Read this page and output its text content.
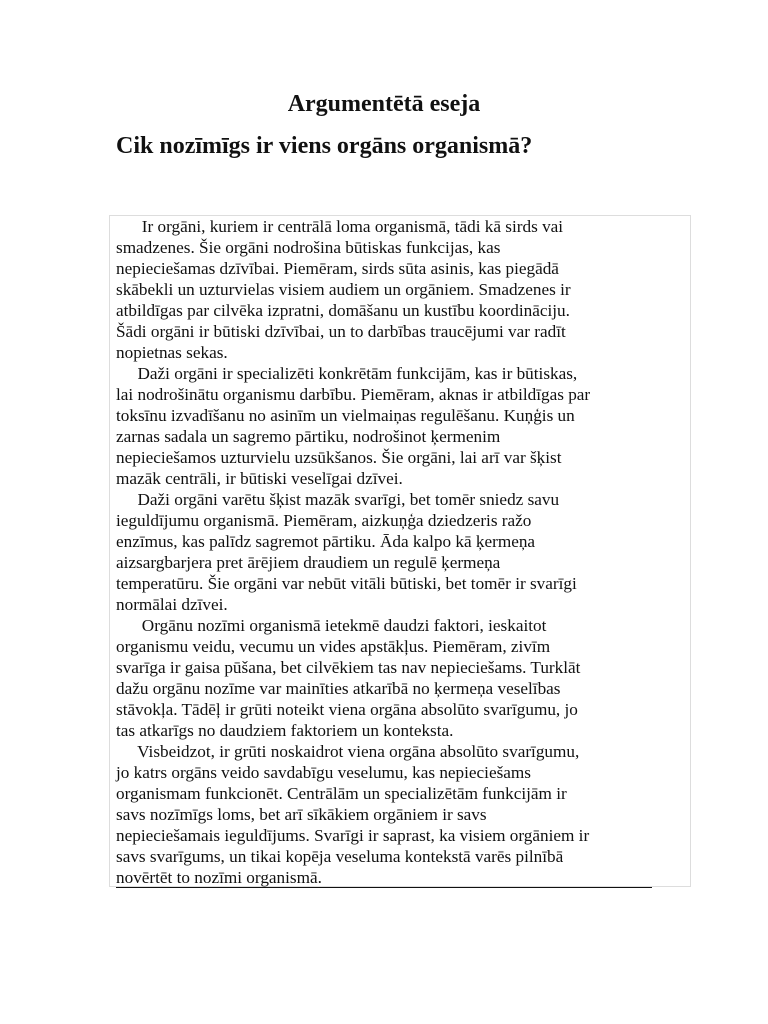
Argumentētā eseja
Cik nozīmīgs ir viens orgāns organismā?

Ir orgāni, kuriem ir centrālā loma organismā, tādi kā sirds vai
smadzenes. Šie orgāni nodrošina būtiskas funkcijas, kas
nepieciešamas dzīvībai. Piemēram, sirds sūta asinis, kas piegādā
skābekli un uzturvielas visiem audiem un orgāniem. Smadzenes ir
atbildīgas par cilvēka izpratni, domāšanu un kustību koordināciju.
Šādi orgāni ir būtiski dzīvībai, un to darbības traucējumi var radīt
nopietnas sekas.

Daži orgāni ir specializēti konkrētām funkcijām, kas ir būtiskas,
lai nodrošinātu organismu darbību. Piemēram, aknas ir atbildīgas par
toksīnu izvadīšanu no asinīm un vielmaiņas regulēšanu. Kuņģis un
zarnas sadala un sagremo pārtiku, nodrošinot ķermenim
nepieciešamos uzturvielu uzsūkšanos. Šie orgāni, lai arī var šķist
mazāk centrāli, ir būtiski veselīgai dzīvei.

Daži orgāni varētu šķist mazāk svarīgi, bet tomēr sniedz savu
ieguldījumu organismā. Piemēram, aizkuņģa dziedzeris ražo
enzīmus, kas palīdz sagremot pārtiku. Āda kalpo kā ķermeņa
aizsargbarjera pret ārējiem draudiem un regulē ķermeņa
temperatūru. Šie orgāni var nebūt vitāli būtiski, bet tomēr ir svarīgi
normālai dzīvei.

Orgānu nozīmi organismā ietekmē daudzi faktori, ieskaitot
organismu veidu, vecumu un vides apstākļus. Piemēram, zivīm
svarīga ir gaisa pūšana, bet cilvēkiem tas nav nepieciešams. Turklāt
dažu orgānu nozīme var mainīties atkarībā no ķermeņa veselības
stāvokļa. Tādēļ ir grūti noteikt viena orgāna absolūto svarīgumu, jo
tas atkarīgs no daudziem faktoriem un konteksta.

Visbeidzot, ir grūti noskaidrot viena orgāna absolūto svarīgumu,
jo katrs orgāns veido savdabīgu veselumu, kas nepieciešams
organismam funkcionēt. Centrālām un specializētām funkcijām ir
savs nozīmīgs loms, bet arī sīkākiem orgāniem ir savs
nepieciešamais ieguldījums. Svarīgi ir saprast, ka visiem orgāniem ir
savs svarīgums, un tikai kopēja veseluma kontekstā varēs pilnībā
novērtēt to nozīmi organismā.
